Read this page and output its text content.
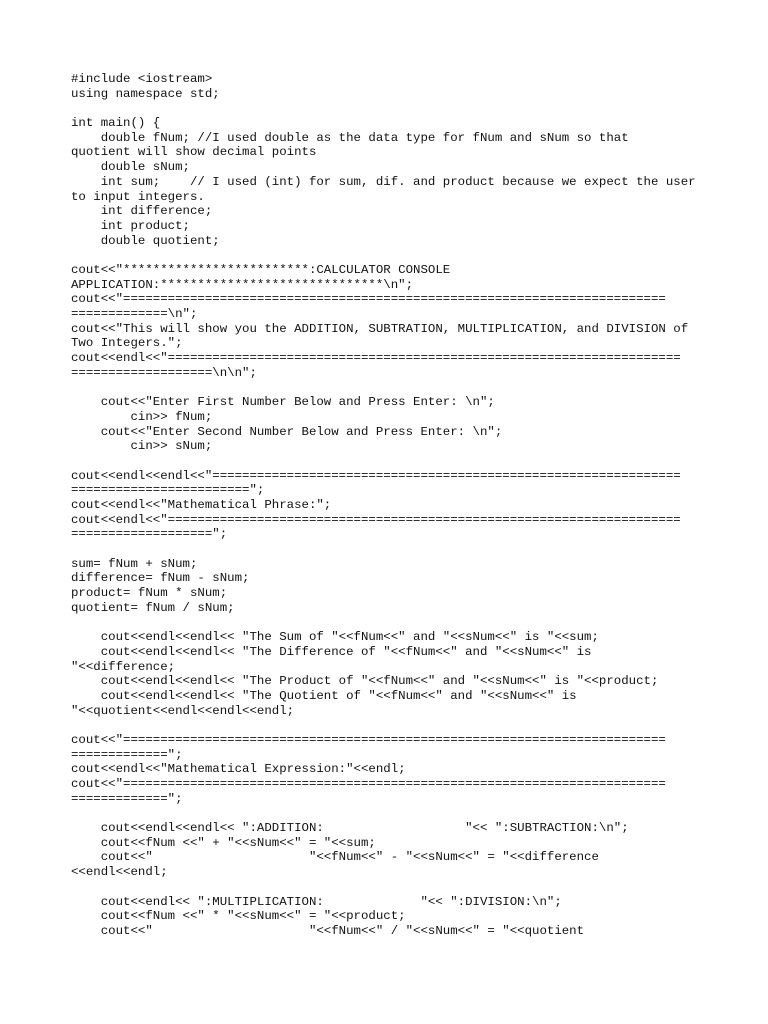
#include <iostream>
using namespace std;
int main() {
double fNum; //I used double as the data type for fNum and sNum so that
quotient will show decimal points
double sNum;
int sum;    // I used (int) for sum, dif. and product because we expect the user
to input integers.
int difference;
int product;
double quotient;
cout<<"*************************:CALCULATOR CONSOLE
APPLICATION:******************************\n";
cout<<"=========================================================================
=============\n";
cout<<"This will show you the ADDITION, SUBTRATION, MULTIPLICATION, and DIVISION of
Two Integers.";
cout<<endl<<"=====================================================================
===================\n\n";
cout<<"Enter First Number Below and Press Enter: \n";
cin>> fNum;
cout<<"Enter Second Number Below and Press Enter: \n";
cin>> sNum;
cout<<endl<<endl<<"===============================================================
========================";
cout<<endl<<"Mathematical Phrase:";
cout<<endl<<"=====================================================================
===================";
sum= fNum + sNum;
difference= fNum - sNum;
product= fNum * sNum;
quotient= fNum / sNum;
cout<<endl<<endl<< "The Sum of "<<fNum<<" and "<<sNum<<" is "<<sum;
cout<<endl<<endl<< "The Difference of "<<fNum<<" and "<<sNum<<" is
"<<difference;
cout<<endl<<endl<< "The Product of "<<fNum<<" and "<<sNum<<" is "<<product;
cout<<endl<<endl<< "The Quotient of "<<fNum<<" and "<<sNum<<" is
"<<quotient<<endl<<endl<<endl;
cout<<"=========================================================================
=============";
cout<<endl<<"Mathematical Expression:"<<endl;
cout<<"=========================================================================
=============";
cout<<endl<<endl<< ":ADDITION:                   "<< ":SUBTRACTION:\n";
cout<<fNum <<" + "<<sNum<<" = "<<sum;
cout<<"                     "<<fNum<<" - "<<sNum<<" = "<<difference
<<endl<<endl;
cout<<endl<< ":MULTIPLICATION:             "<< ":DIVISION:\n";
cout<<fNum <<" * "<<sNum<<" = "<<product;
cout<<"                     "<<fNum<<" / "<<sNum<<" = "<<quotient
